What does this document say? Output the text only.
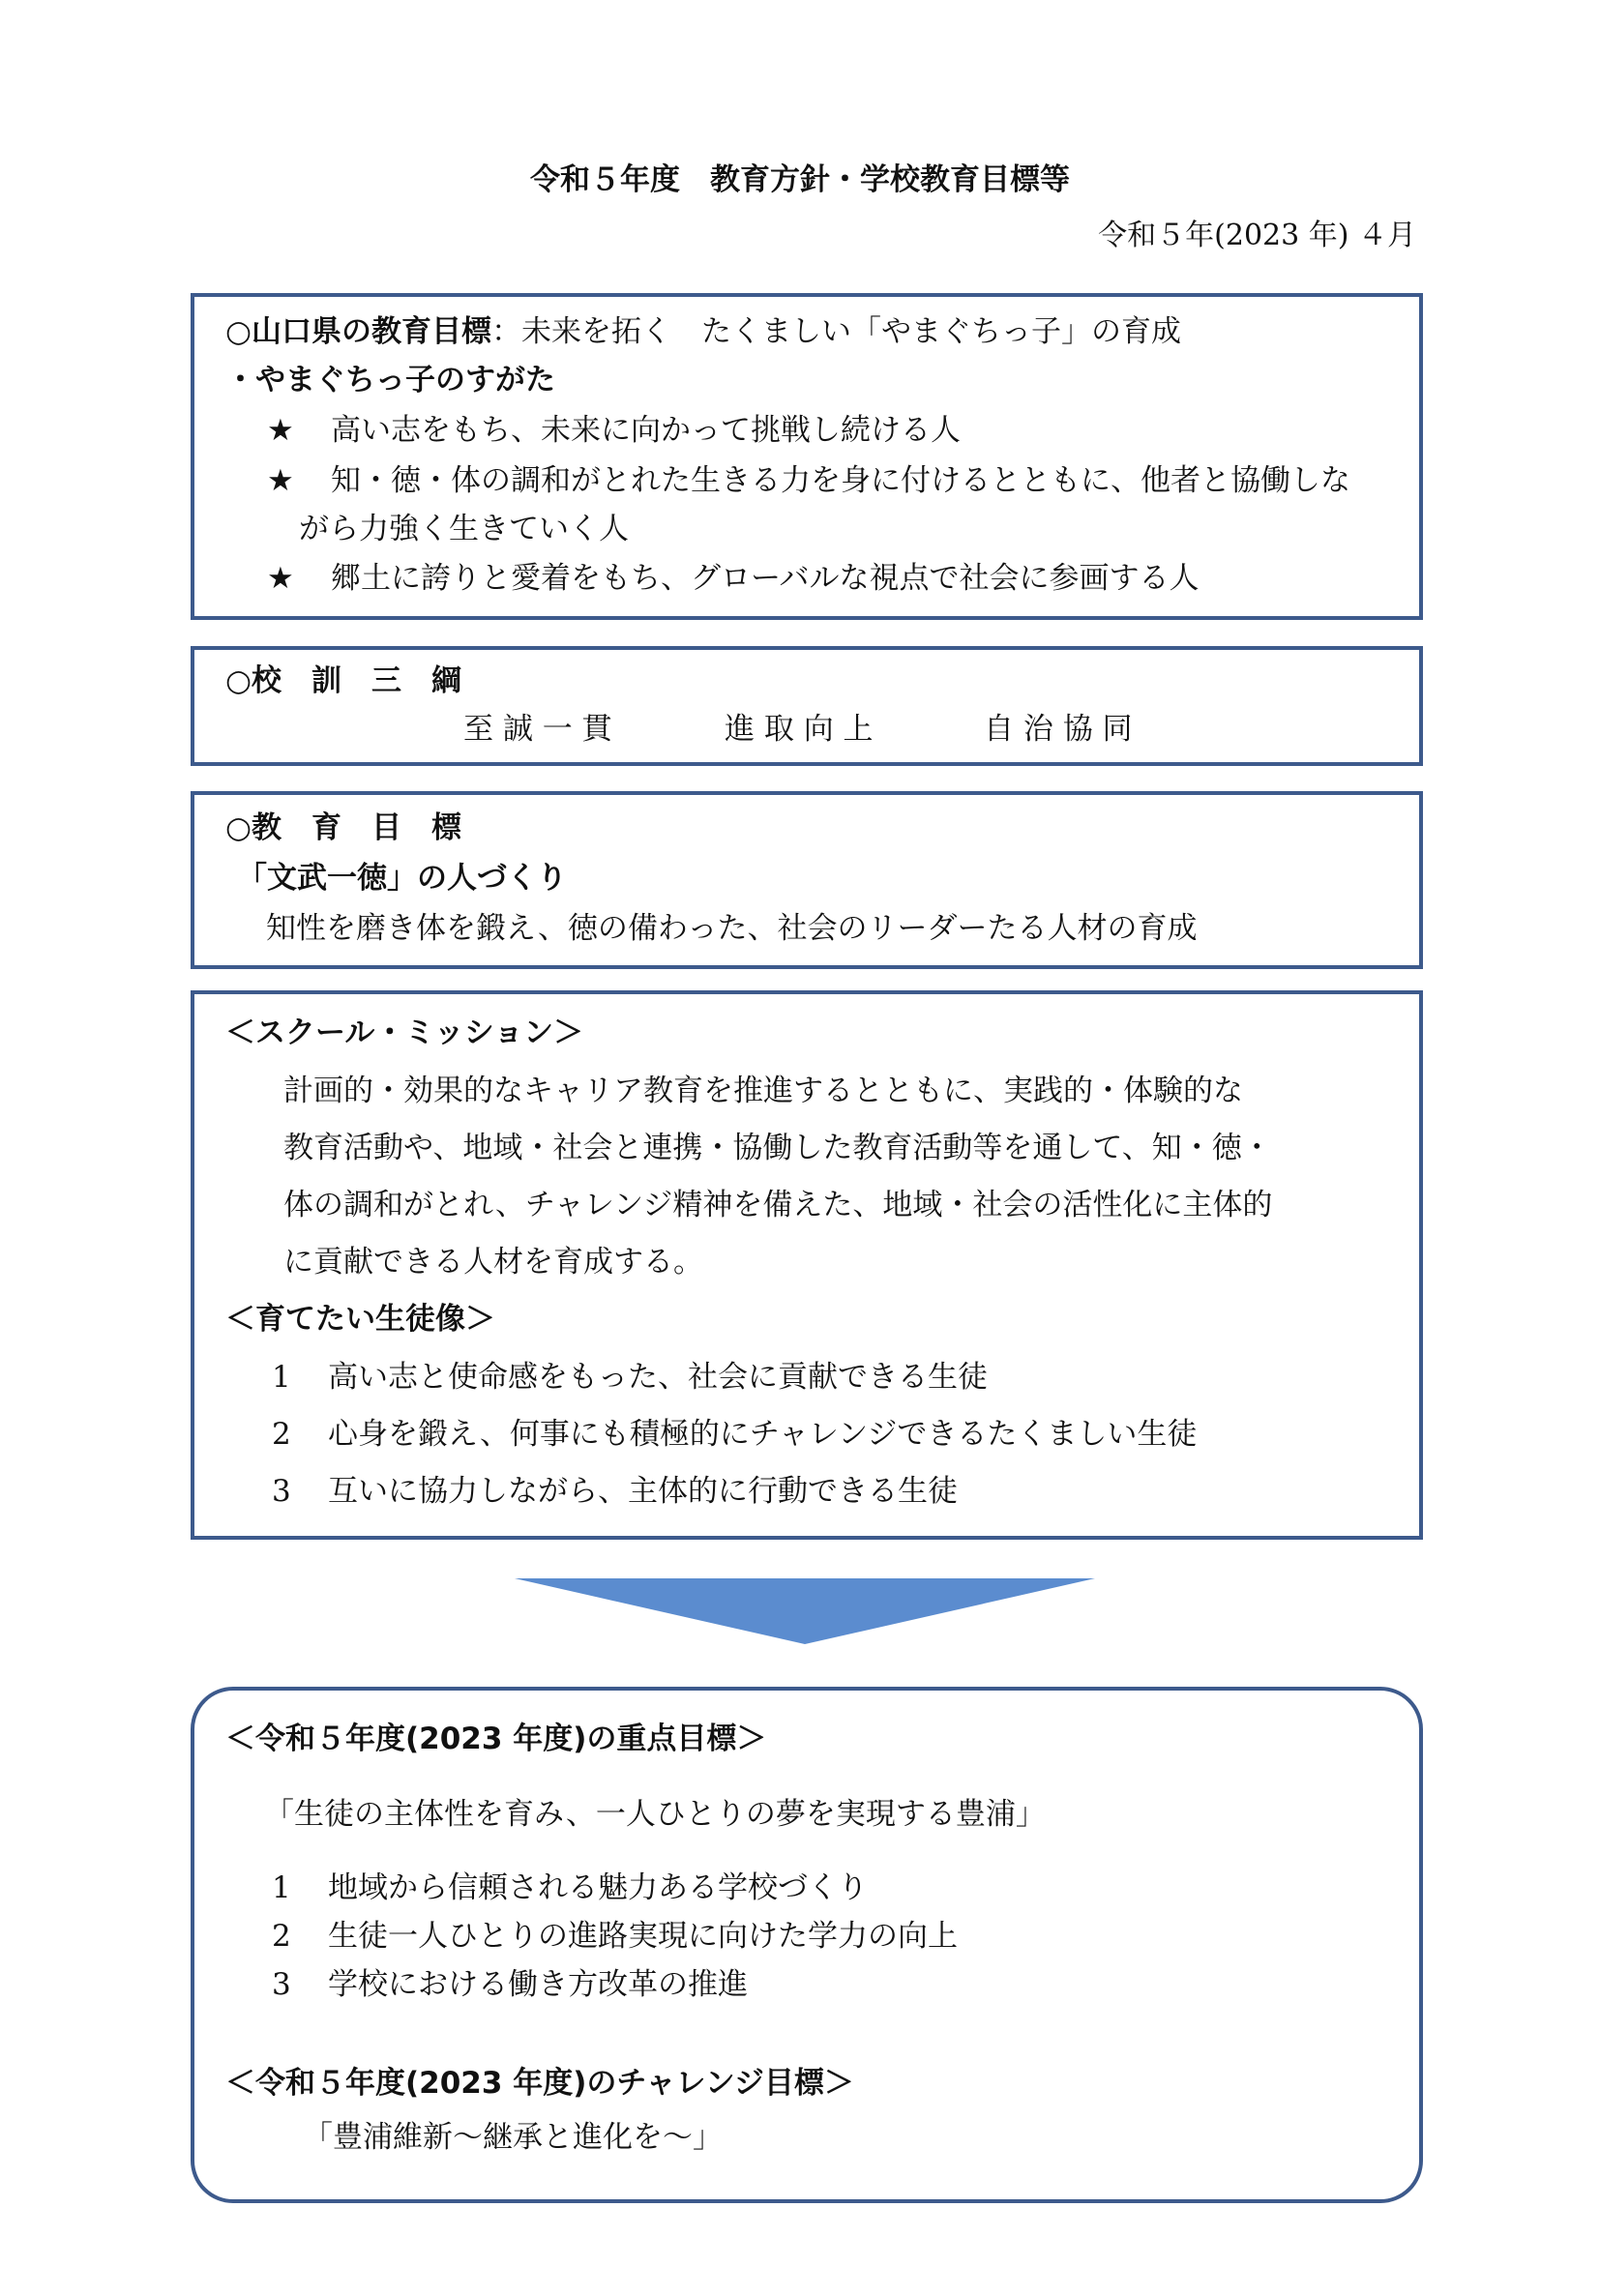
令和５年度　教育方針・学校教育目標等
令和５年(2023 年) ４月
○山口県の教育目標：未来を拓く　たくましい「やまぐちっ子」の育成
・やまぐちっ子のすがた
★ 高い志をもち、未来に向かって挑戦し続ける人
★ 知・徳・体の調和がとれた生きる力を身に付けるとともに、他者と協働しな
がら力強く生きていく人
★ 郷土に誇りと愛着をもち、グローバルな視点で社会に参画する人
○校　訓　三　綱
至 誠 一 貫	進 取 向 上	自 治 協 同
○教　育　目　標
「文武一徳」の人づくり
知性を磨き体を鍛え、徳の備わった、社会のリーダーたる人材の育成
＜スクール・ミッション＞
計画的・効果的なキャリア教育を推進するとともに、実践的・体験的な
教育活動や、地域・社会と連携・協働した教育活動等を通して、知・徳・
体の調和がとれ、チャレンジ精神を備えた、地域・社会の活性化に主体的
に貢献できる人材を育成する。
＜育てたい生徒像＞
1 高い志と使命感をもった、社会に貢献できる生徒
2 心身を鍛え、何事にも積極的にチャレンジできるたくましい生徒
3 互いに協力しながら、主体的に行動できる生徒
＜令和５年度(2023 年度)の重点目標＞
「生徒の主体性を育み、一人ひとりの夢を実現する豊浦」
1 地域から信頼される魅力ある学校づくり
2 生徒一人ひとりの進路実現に向けた学力の向上
3 学校における働き方改革の推進
＜令和５年度(2023 年度)のチャレンジ目標＞
「豊浦維新～継承と進化を～」
